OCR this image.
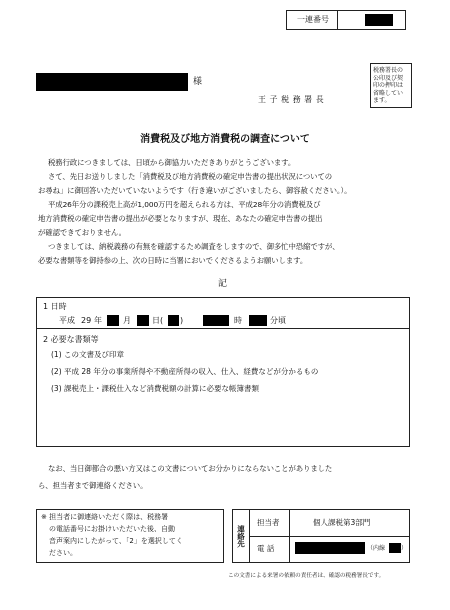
一連番号
様
王 子 税 務 署 長
税務署長の
公印及び契
印の押印は
省略してい
ます。
消費税及び地方消費税の調査について
税務行政につきましては、日頃から御協力いただきありがとうございます。
さて、先日お送りしました「消費税及び地方消費税の確定申告書の提出状況についての
お尋ね」に御回答いただいていないようです（行き違いがございましたら、御容赦ください。）。
平成26年分の課税売上高が1,000万円を超えられる方は、平成28年分の消費税及び
地方消費税の確定申告書の提出が必要となりますが、現在、あなたの確定申告書の提出
が確認できておりません。
つきましては、納税義務の有無を確認するため調査をしますので、御多忙中恐縮ですが、
必要な書類等を御持参の上、次の日時に当署においでくださるようお願いします。
記
1 日時
平成 29 年	月	日( )	時	分頃
2 必要な書類等
(1) この文書及び印章
(2) 平成 28 年分の事業所得や不動産所得の収入、仕入、経費などが分かるもの
(3) 課税売上・課税仕入など消費税額の計算に必要な帳簿書類
なお、当日御都合の悪い方又はこの文書についてお分かりにならないことがありました
ら、担当者まで御連絡ください。
※ 担当者に御連絡いただく際は、税務署
の電話番号にお掛けいただいた後、自動
音声案内にしたがって、「2」を選択してく
ださい。
連絡先
担当者	個人課税第3部門
電 話	（内線	）
この文書による来署の依頼の責任者は、確認の税務署長です。
